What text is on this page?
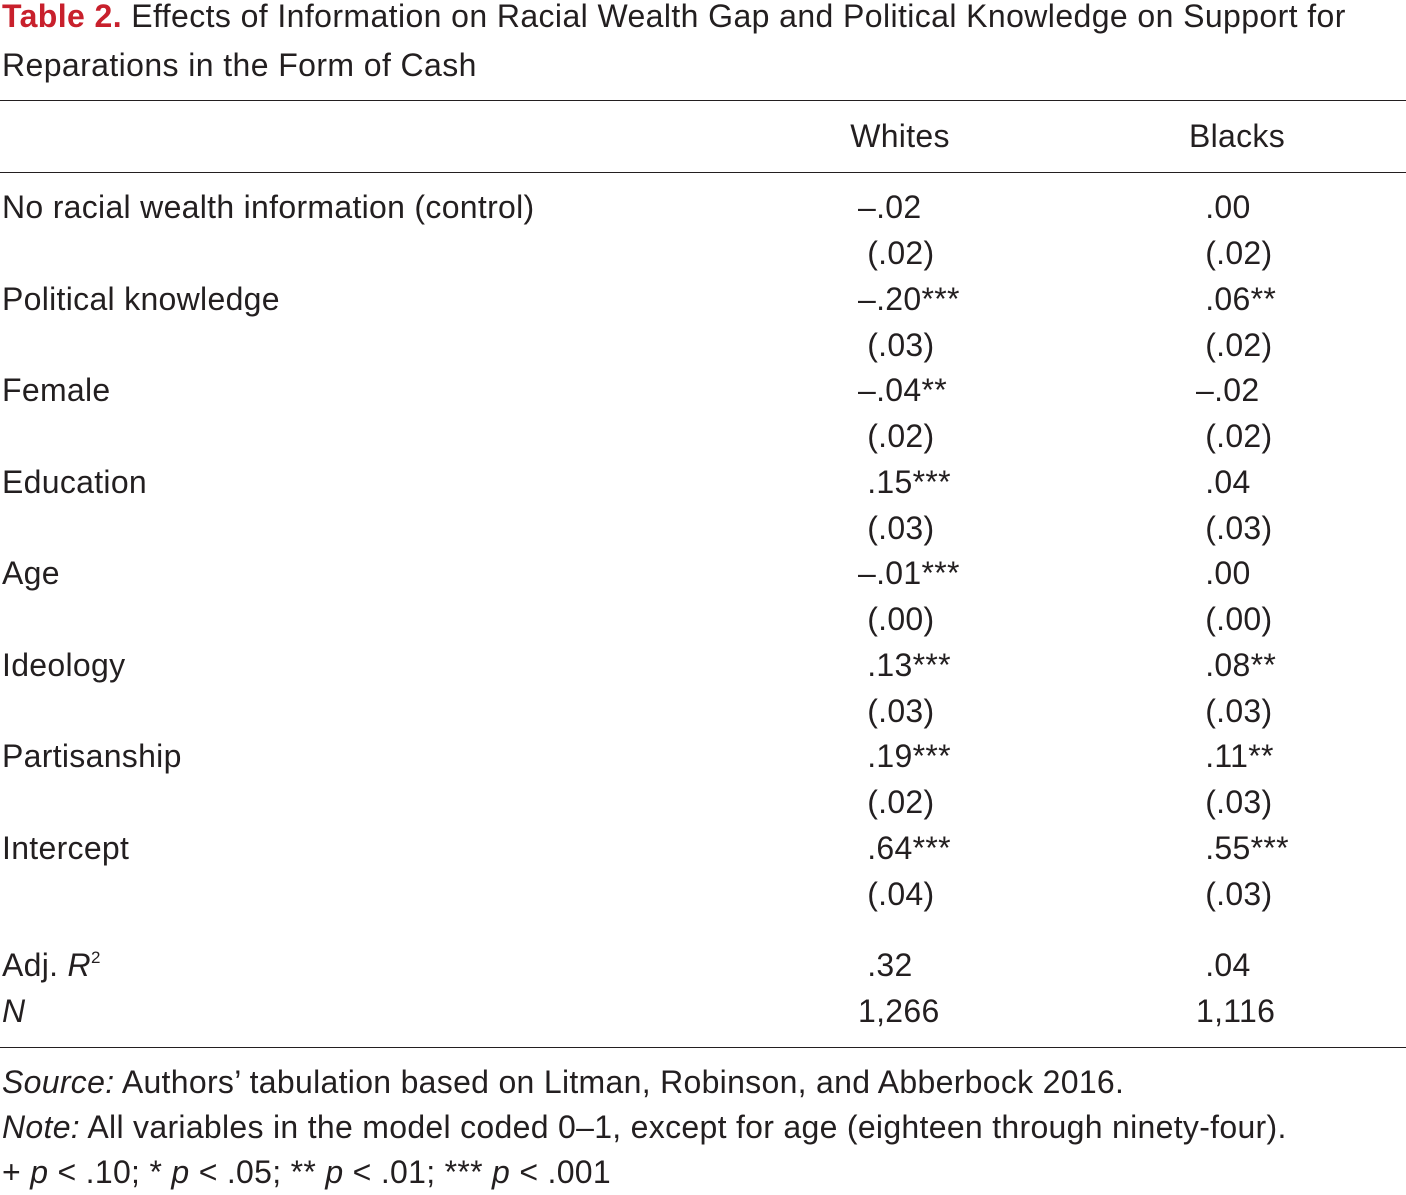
Table 2. Effects of Information on Racial Wealth Gap and Political Knowledge on Support for Reparations in the Form of Cash
Whites	Blacks
No racial wealth information (control)	–.02	.00
(.02)	(.02)
Political knowledge	–.20***	.06**
(.03)	(.02)
Female	–.04**	–.02
(.02)	(.02)
Education	.15***	.04
(.03)	(.03)
Age	–.01***	.00
(.00)	(.00)
Ideology	.13***	.08**
(.03)	(.03)
Partisanship	.19***	.11**
(.02)	(.03)
Intercept	.64***	.55***
(.04)	(.03)
Adj. $R^2$	.32	.04
N	1,266	1,116
Source: Authors’ tabulation based on Litman, Robinson, and Abberbock 2016.
Note: All variables in the model coded 0–1, except for age (eighteen through ninety-four).
+ p < .10; * p < .05; ** p < .01; *** p < .001
